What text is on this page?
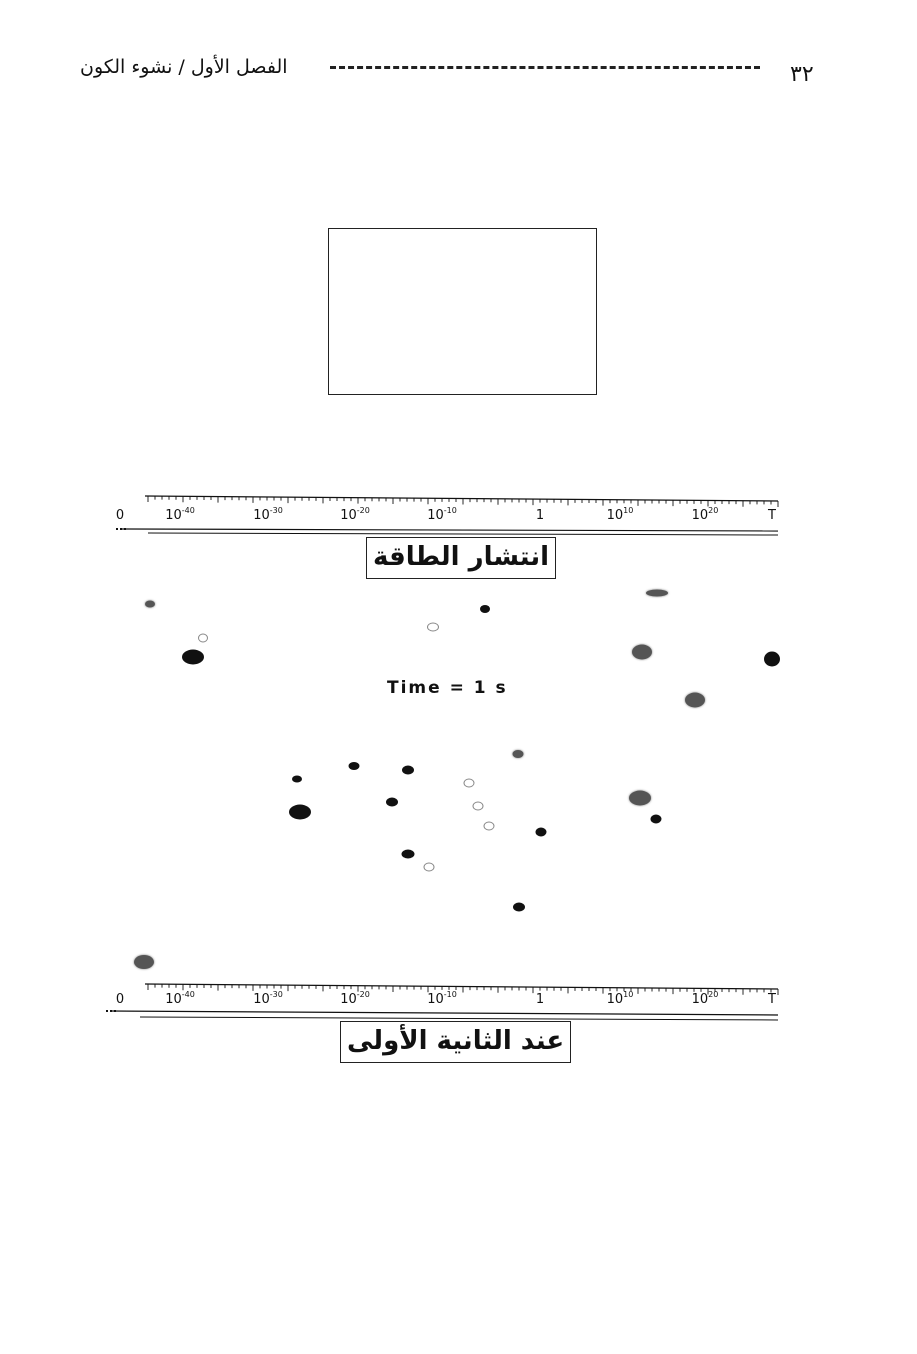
الفصل الأول / نشوء الكون	٣٢
0	$10^{-40}$	$10^{-30}$	$10^{-20}$	$10^{-10}$	1	$10^{10}$	$10^{20}$	T
انتشار الطاقة
Time = 1 s
0	$10^{-40}$	$10^{-30}$	$10^{-20}$	$10^{-10}$	1	$10^{10}$	$10^{20}$	T
عند الثانية الأولى
